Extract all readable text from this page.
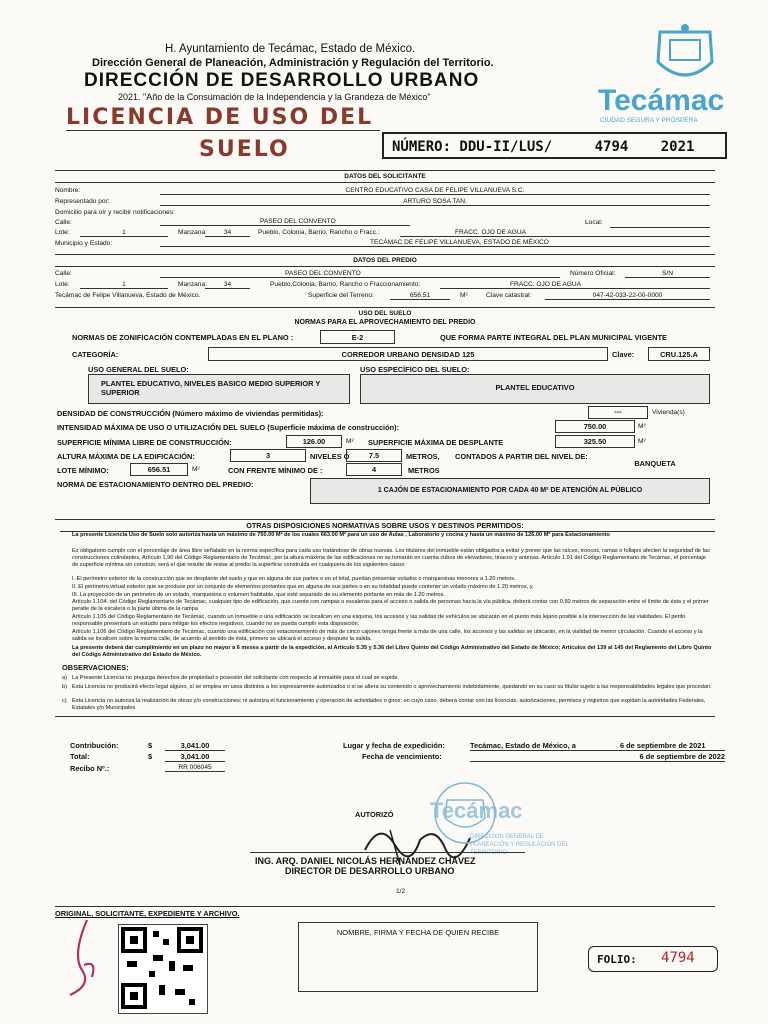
H. Ayuntamiento de Tecámac, Estado de México.
Dirección General de Planeación, Administración y Regulación del Territorio.
DIRECCIÓN DE DESARROLLO URBANO
2021. "Año de la Consumación de la Independencia y la Grandeza de México"
LICENCIA DE USO DEL
SUELO	NÚMERO: DDU-II/LUS/	4794 2021
Tecámac
CIUDAD SEGURA Y PRÓSPERA
DATOS DEL SOLICITANTE
Nombre:	CENTRO EDUCATIVO CASA DE FELIPE VILLANUEVA S.C.
Representado por:	ARTURO SOSA TAN.
Domicilio para oír y recibir notificaciones:
Calle:	PASEO DEL CONVENTO	Local:
Lote:	1	Manzana:	34	Pueblo, Colonia, Barrio, Rancho o Fracc.:	FRACC. OJO DE AGUA
Municipio y Estado:	TECÁMAC DE FELIPE VILLANUEVA, ESTADO DE MÉXICO
DATOS DEL PREDIO
Calle:	PASEO DEL CONVENTO	Número Oficial:	S/N
Lote:	1	Manzana:	34	Pueblo,Colonia, Barrio, Rancho o Fraccionamiento:	FRACC. OJO DE AGUA
Tecámac de Felipe Villanueva, Estado de México.	Superficie del Terreno:	656.51	M²	Clave catastral:	047-42-033-22-00-0000
USO DEL SUELO
NORMAS PARA EL APROVECHAMIENTO DEL PREDIO
NORMAS DE ZONIFICACIÓN CONTEMPLADAS EN EL PLANO :	E-2	QUE FORMA PARTE INTEGRAL DEL PLAN MUNICIPAL VIGENTE
CATEGORÍA:	CORREDOR URBANO DENSIDAD 125	Clave:	CRU.125.A
USO GENERAL DEL SUELO:	USO ESPECÍFICO DEL SUELO:
PLANTEL EDUCATIVO, NIVELES BASICO MEDIO SUPERIOR Y SUPERIOR
PLANTEL EDUCATIVO
DENSIDAD DE CONSTRUCCIÓN (Número máximo de viviendas permitidas):	---	Vivienda(s)
INTENSIDAD MÁXIMA DE USO O UTILIZACIÓN DEL SUELO (Superficie máxima de construcción):	750.00	M²
SUPERFICIE MÍNIMA LIBRE DE CONSTRUCCIÓN:	126.00	M² SUPERFICIE MÁXIMA DE DESPLANTE	325.50	M²
ALTURA MÁXIMA DE LA EDIFICACIÓN:	3	NIVELES Ó	7.5	METROS, CONTADOS A PARTIR DEL NIVEL DE:
BANQUETA
LOTE MÍNIMO:	656.51	M²	CON FRENTE MÍNIMO DE :	4	METROS
NORMA DE ESTACIONAMIENTO DENTRO DEL PREDIO:
1 CAJÓN DE ESTACIONAMIENTO POR CADA 40 M² DE ATENCIÓN AL PÚBLICO
OTRAS DISPOSICIONES NORMATIVAS SOBRE USOS Y DESTINOS PERMITIDOS:
La presente Licencia Uso de Suelo solo autoriza hasta un máximo de 750.00 M² de los cuales 663.00 M² para un uso de Aulas , Laboratorio y cocina y hasta un máximo de 126.00 M² para Estacionamiento
Es obligatorio cumplir con el porcentaje de área libre señalado en la norma específica para cada uso tratándose de obras nuevas. Los titulares del inmueble están obligados a evitar y prever que las raíces, troncos, ramas o follajes afecten la seguridad de las construcciones colindantes, Artículo 1.90 del Código Reglamentario de Tecámac, por la altura máxima de las edificaciones no se tomarán en cuenta cubos de elevadores, tinacos y antenas. Artículo 1.91 del Código Reglamentario de Tecámac, el porcentaje de superficie mínima sin construir, será el que resulte de restar al predio la superficie construida en cualquiera de los siguientes casos:
I. El perímetro exterior de la construcción que se desplante del suelo y que en alguna de sus partes o en el total, puedan presentar volados o marquesinas menores a 1.20 metros.
II. El perímetro virtual exterior que se produce por un conjunto de elementos portantes que en alguna de sus partes o en su totalidad puede contener un volado máximo de 1.20 metros, y,
III. La proyección de un perímetro de un volado, marquesina o volumen habitable, que esté separado de su elemento portante en más de 1.20 metros.
Artículo 1.104. del Código Reglamentario de Tecámac, cualquier tipo de edificación, que cuente con rampas o escaleras para el acceso o salida de personas hacia la vía pública, deberá contar con 0.60 metros de separación entre el límite de ésta y el primer peralte de la escalera o la parte última de la rampa
Artículo 1.105 del Código Reglamentario de Tecámac, cuando un inmueble o una edificación se localicen en una esquina, los accesos y las salidas de vehículos se ubicarán en el punto más lejano posible a la intersección de las vialidades. El perito responsable presentará un estudio para mitigar los efectos negativos, cuando no se pueda cumplir esta disposición.
Artículo 1.106 del Código Reglamentario de Tecámac, cuando una edificación con estacionamiento de más de cinco cajones tenga frente a más de una calle, los accesos y las salidas se ubicarán, en la vialidad de menor circulación. Cuando el acceso y la salida se localicen sobre la misma calle, de acuerdo al sentido de ésta, primero se ubicará el acceso y después la salida.
La presente deberá dar cumplimiento en un plazo no mayor a 6 meses a partir de la expedición, al Artículo 5.35 y 5.36 del Libro Quinto del Código Administrativo del Estado de México; Artículos del 139 al 145 del Reglamento del Libro Quinto del Código Administrativo del Estado de México.
OBSERVACIONES:
a) La Presente Licencia no prejuzga derechos de propiedad o posesión del solicitante con respecto al inmueble para el cual se expide.
b) Esta Licencia no producirá efecto legal alguno, sí se emplea en usos distintos a los expresamente autorizados o si se altera su contenido o aprovechamiento indebidamente, quedando en su caso su titular sujeto a las responsabilidades legales que procedan.
c) Esta Licencia no autoriza la realización de obras y/o construcciones; ni autoriza el funcionamiento y operación de actividades o giros; en cuyo caso, deberá contar con las licencias, autorizaciones, permisos y registros que expidan la autoridades Federales, Estatales y/o Municipales.
Contribución:	$	3,041.00
Total:	$	3,041.00
Recibo Nº.:	RR 006045
Lugar y fecha de expedición:	Tecámac, Estado de México, a	6 de septiembre de 2021
Fecha de vencimiento:	6 de septiembre de 2022
AUTORIZÓ Tecámac
DIRECCIÓN GENERAL DE PLANEACIÓN Y REGULACIÓN DEL TERRITORIO
ING. ARQ. DANIEL NICOLÁS HERNÁNDEZ CHÁVEZ
DIRECTOR DE DESARROLLO URBANO
1/2
ORIGINAL, SOLICITANTE, EXPEDIENTE Y ARCHIVO.
NOMBRE, FIRMA Y FECHA DE QUIEN RECIBE
FOLIO: 4794
